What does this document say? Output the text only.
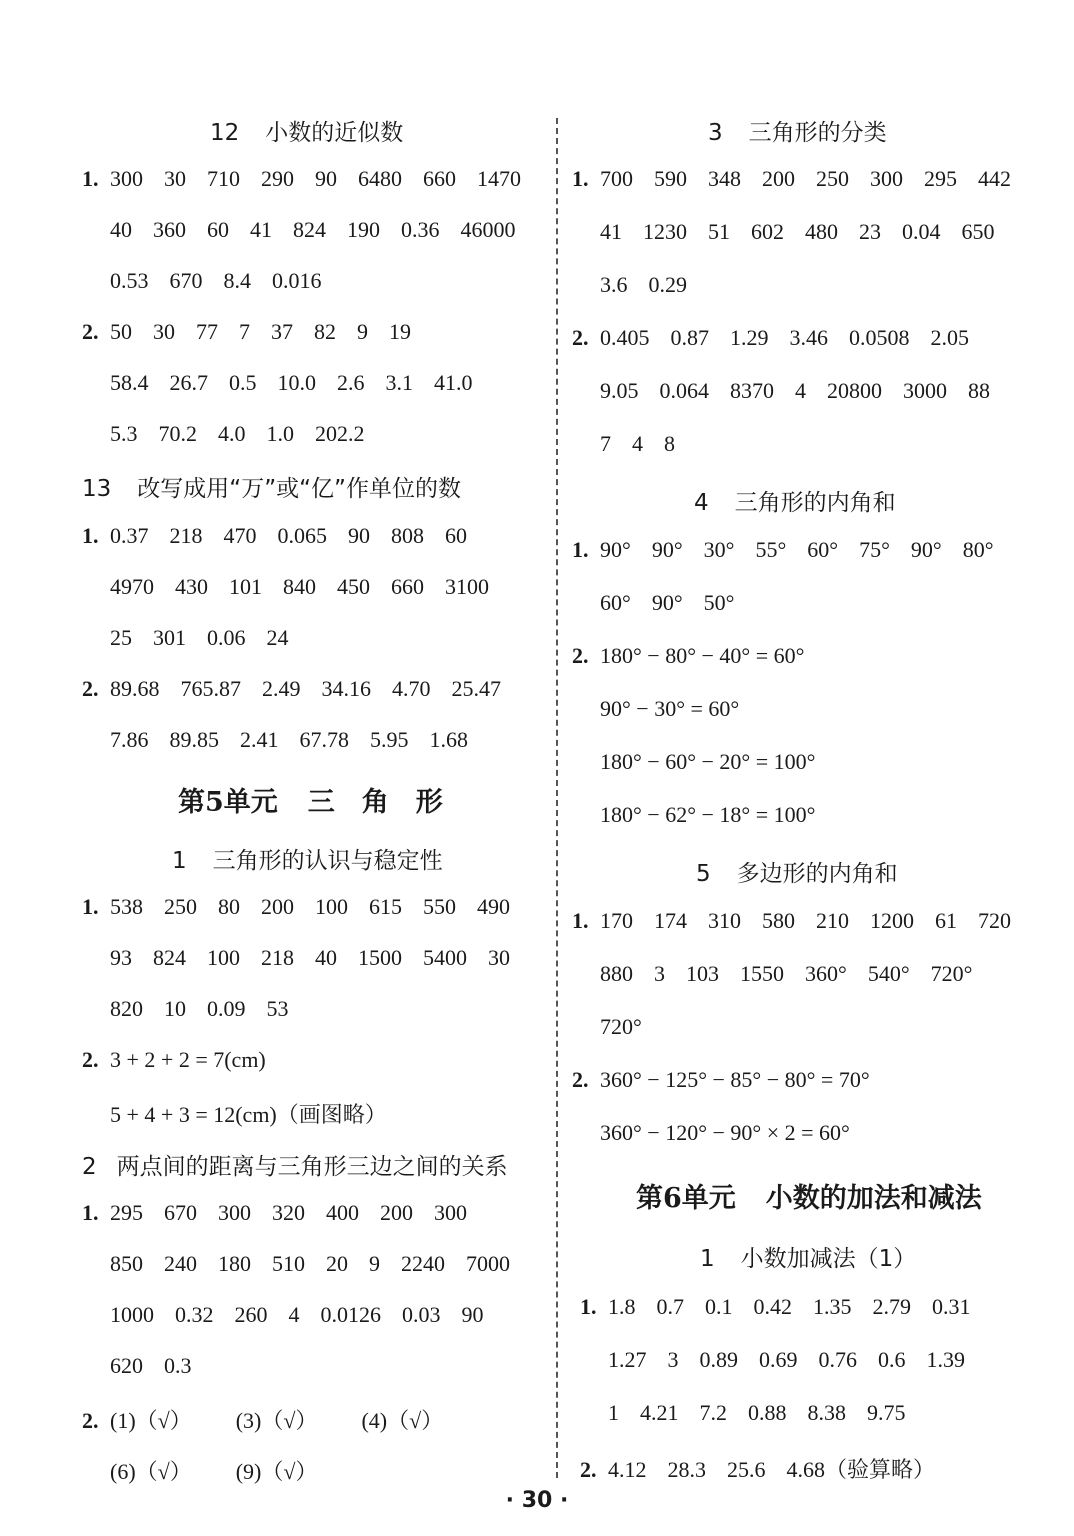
12 小数的近似数
1. 300 30 710 290 90 6480 660 1470
40 360 60 41 824 190 0.36 46000
0.53 670 8.4 0.016
2. 50 30 77 7 37 82 9 19
58.4 26.7 0.5 10.0 2.6 3.1 41.0
5.3 70.2 4.0 1.0 202.2
13 改写成用“万”或“亿”作单位的数
1. 0.37 218 470 0.065 90 808 60
4970 430 101 840 450 660 3100
25 301 0.06 24
2. 89.68 765.87 2.49 34.16 4.70 25.47
7.86 89.85 2.41 67.78 5.95 1.68
第5单元 三　角　形
1 三角形的认识与稳定性
1. 538 250 80 200 100 615 550 490
93 824 100 218 40 1500 5400 30
820 10 0.09 53
2. 3 + 2 + 2 = 7(cm)
5 + 4 + 3 = 12(cm)（画图略）
2 两点间的距离与三角形三边之间的关系
1. 295 670 300 320 400 200 300
850 240 180 510 20 9 2240 7000
1000 0.32 260 4 0.0126 0.03 90
620 0.3
2. (1)（√） (3)（√） (4)（√）
(6)（√） (9)（√）
3 三角形的分类
1. 700 590 348 200 250 300 295 442
41 1230 51 602 480 23 0.04 650
3.6 0.29
2. 0.405 0.87 1.29 3.46 0.0508 2.05
9.05 0.064 8370 4 20800 3000 88
7 4 8
4 三角形的内角和
1. 90° 90° 30° 55° 60° 75° 90° 80°
60° 90° 50°
2. 180° − 80° − 40° = 60°
90° − 30° = 60°
180° − 60° − 20° = 100°
180° − 62° − 18° = 100°
5 多边形的内角和
1. 170 174 310 580 210 1200 61 720
880 3 103 1550 360° 540° 720°
720°
2. 360° − 125° − 85° − 80° = 70°
360° − 120° − 90° × 2 = 60°
第6单元 小数的加法和减法
1 小数加减法（1）
1. 1.8 0.7 0.1 0.42 1.35 2.79 0.31
1.27 3 0.89 0.69 0.76 0.6 1.39
1 4.21 7.2 0.88 8.38 9.75
2. 4.12 28.3 25.6 4.68（验算略）
· 30 ·
